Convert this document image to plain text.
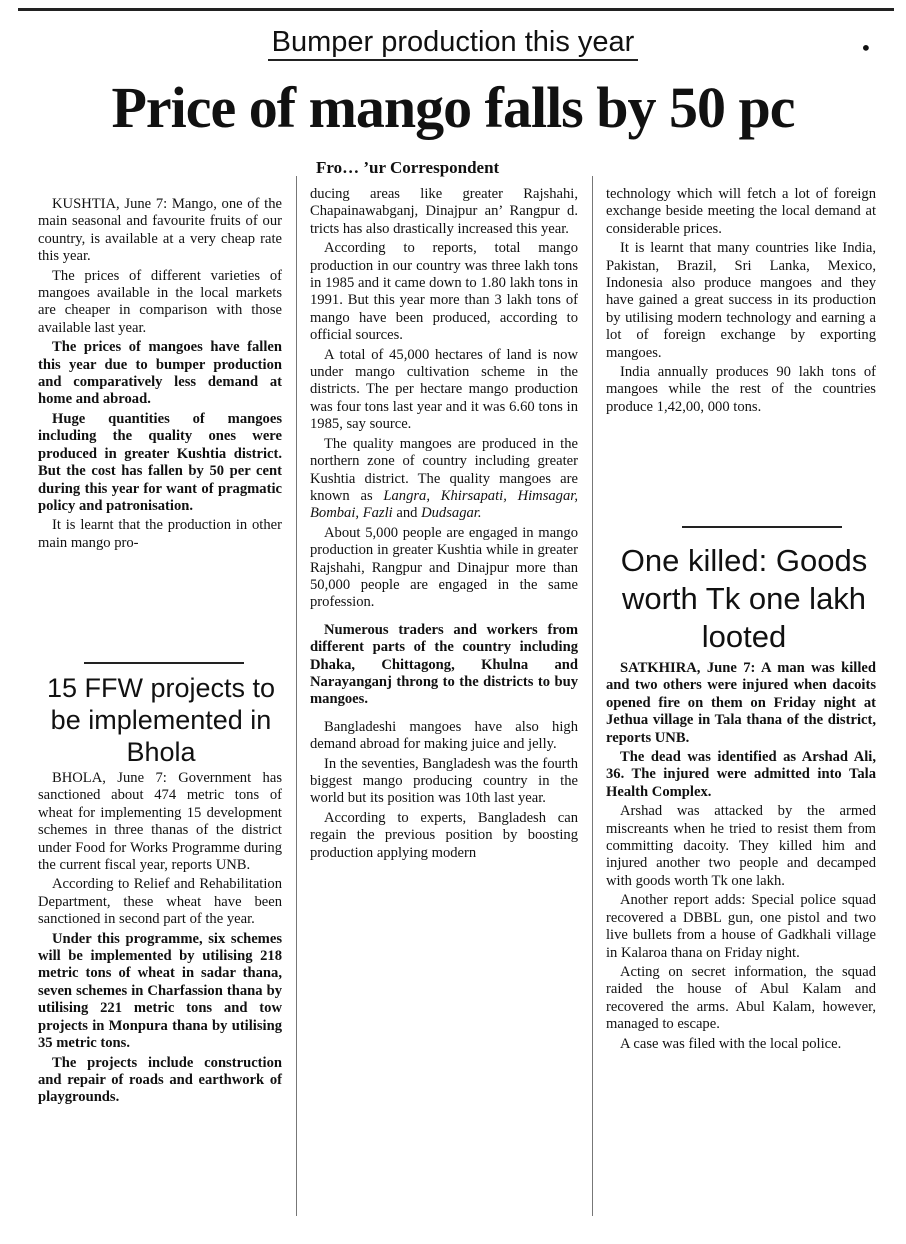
Bumper production this year	•
Price of mango falls by 50 pc
Fro… ’ur Correspondent

KUSHTIA, June 7: Mango, one of the main seasonal and favourite fruits of our country, is available at a very cheap rate this year.

The prices of different varieties of mangoes available in the local markets are cheaper in comparison with those available last year.

The prices of mangoes have fallen this year due to bumper production and comparatively less demand at home and abroad.

Huge quantities of mangoes including the quality ones were produced in greater Kushtia district. But the cost has fallen by 50 per cent during this year for want of pragmatic policy and patronisation.

It is learnt that the production in other main mango pro-

15 FFW projects to be implemented in Bhola

BHOLA, June 7: Government has sanctioned about 474 metric tons of wheat for implementing 15 development schemes in three thanas of the district under Food for Works Programme during the current fiscal year, reports UNB.

According to Relief and Rehabilitation Department, these wheat have been sanctioned in second part of the year.

Under this programme, six schemes will be implemented by utilising 218 metric tons of wheat in sadar thana, seven schemes in Charfassion thana by utilising 221 metric tons and tow projects in Monpura thana by utilising 35 metric tons.

The projects include construction and repair of roads and earthwork of playgrounds.

ducing areas like greater Rajshahi, Chapainawabganj, Dinajpur an’ Rangpur d. tricts has also drastically increased this year.

According to reports, total mango production in our country was three lakh tons in 1985 and it came down to 1.80 lakh tons in 1991. But this year more than 3 lakh tons of mango have been produced, according to official sources.

A total of 45,000 hectares of land is now under mango cultivation scheme in the districts. The per hectare mango production was four tons last year and it was 6.60 tons in 1985, say source.

The quality mangoes are produced in the northern zone of country including greater Kushtia district. The quality mangoes are known as Langra, Khirsapati, Himsagar, Bombai, Fazli and Dudsagar.

About 5,000 people are engaged in mango production in greater Kushtia while in greater Rajshahi, Rangpur and Dinajpur more than 50,000 people are engaged in the same profession.

Numerous traders and workers from different parts of the country including Dhaka, Chittagong, Khulna and Narayanganj throng to the districts to buy mangoes.

Bangladeshi mangoes have also high demand abroad for making juice and jelly.

In the seventies, Bangladesh was the fourth biggest mango producing country in the world but its position was 10th last year.

According to experts, Bangladesh can regain the previous position by boosting production applying modern

technology which will fetch a lot of foreign exchange beside meeting the local demand at considerable prices.

It is learnt that many countries like India, Pakistan, Brazil, Sri Lanka, Mexico, Indonesia also produce mangoes and they have gained a great success in its production by utilising modern technology and earning a lot of foreign exchange by exporting mangoes.

India annually produces 90 lakh tons of mangoes while the rest of the countries produce 1,42,00, 000 tons.

One killed: Goods worth Tk one lakh looted

SATKHIRA, June 7: A man was killed and two others were injured when dacoits opened fire on them on Friday night at Jethua village in Tala thana of the district, reports UNB.

The dead was identified as Arshad Ali, 36. The injured were admitted into Tala Health Complex.

Arshad was attacked by the armed miscreants when he tried to resist them from committing dacoity. They killed him and injured another two people and decamped with goods worth Tk one lakh.

Another report adds: Special police squad recovered a DBBL gun, one pistol and two live bullets from a house of Gadkhali village in Kalaroa thana on Friday night.

Acting on secret information, the squad raided the house of Abul Kalam and recovered the arms. Abul Kalam, however, managed to escape.

A case was filed with the local police.
